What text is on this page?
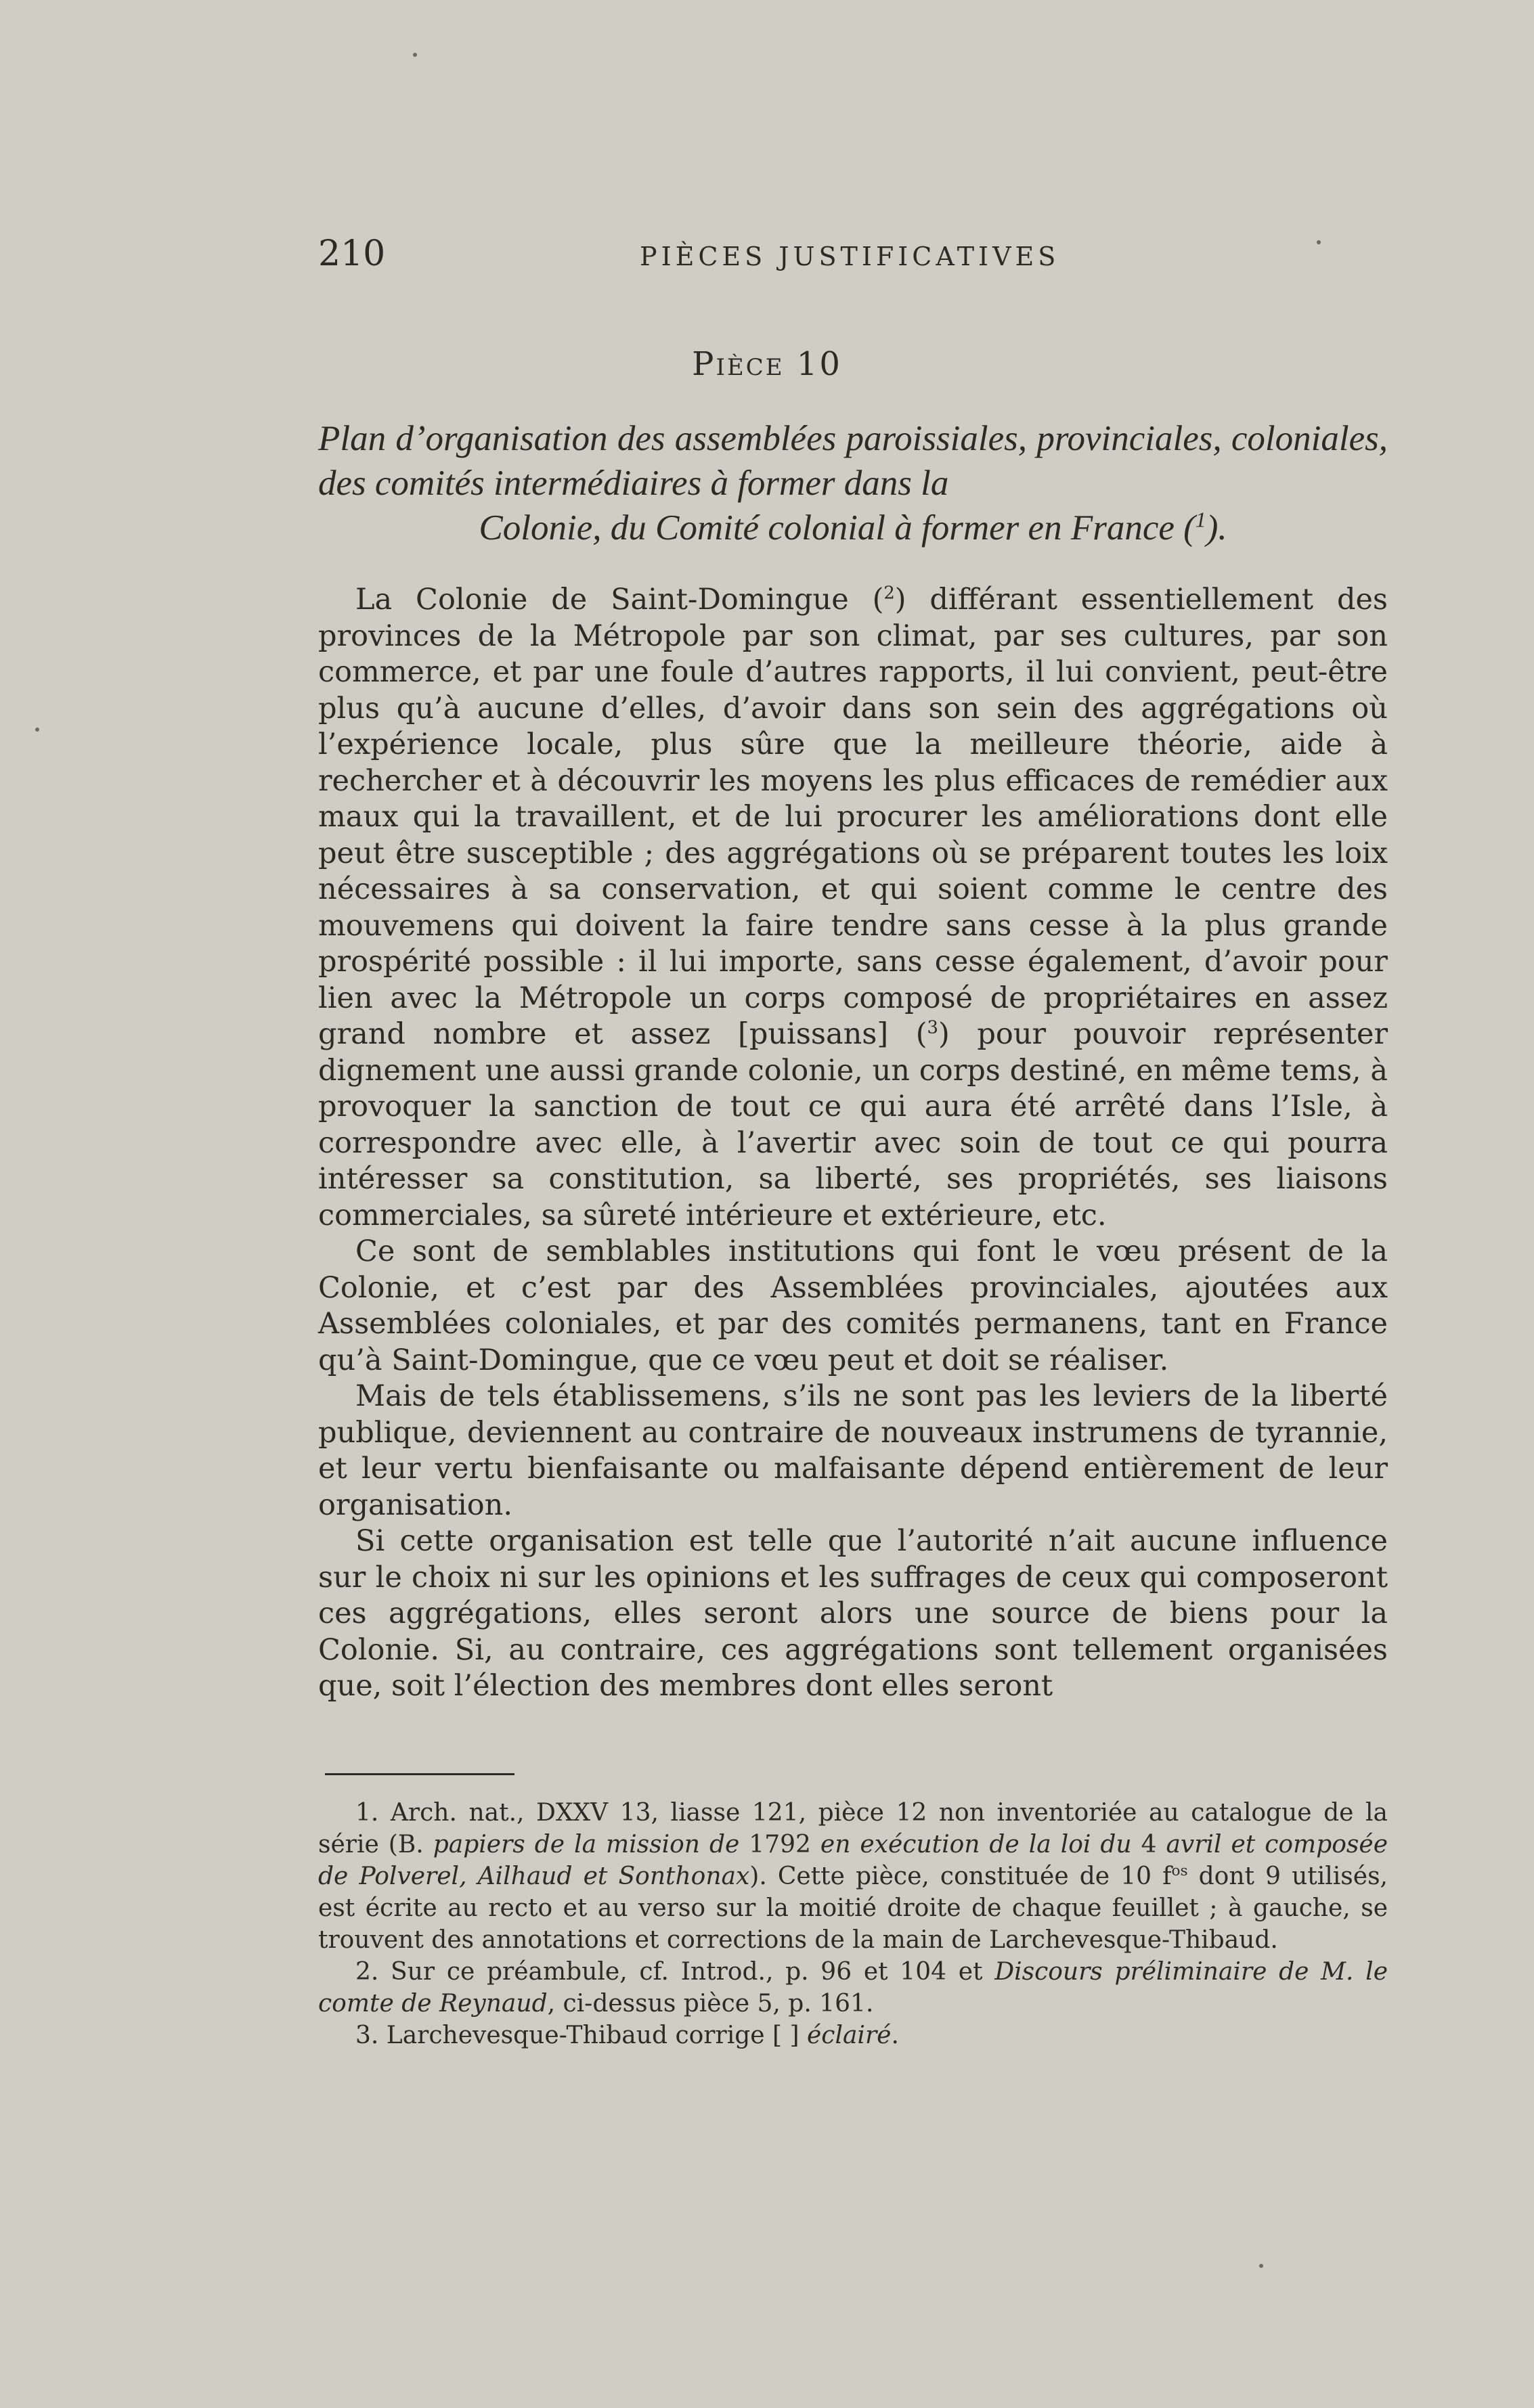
210	PIÈCES JUSTIFICATIVES
Pièce 10
Plan d’organisation des assemblées paroissiales, provinciales, coloniales, des comités intermédiaires à former dans la
Colonie, du Comité colonial à former en France ($^1$).

La Colonie de Saint-Domingue ($^2$) différant essentiellement des provinces de la Métropole par son climat, par ses cultures, par son commerce, et par une foule d’autres rapports, il lui convient, peut-être plus qu’à aucune d’elles, d’avoir dans son sein des aggrégations où l’expérience locale, plus sûre que la meilleure théorie, aide à rechercher et à découvrir les moyens les plus efficaces de remédier aux maux qui la travaillent, et de lui procurer les améliorations dont elle peut être susceptible ; des aggrégations où se préparent toutes les loix nécessaires à sa conservation, et qui soient comme le centre des mouvemens qui doivent la faire tendre sans cesse à la plus grande prospérité possible : il lui importe, sans cesse également, d’avoir pour lien avec la Métropole un corps composé de propriétaires en assez grand nombre et assez [puissans] ($^3$) pour pouvoir représenter dignement une aussi grande colonie, un corps destiné, en même tems, à provoquer la sanction de tout ce qui aura été arrêté dans l’Isle, à correspondre avec elle, à l’avertir avec soin de tout ce qui pourra intéresser sa constitution, sa liberté, ses propriétés, ses liaisons commerciales, sa sûreté intérieure et extérieure, etc.

Ce sont de semblables institutions qui font le vœu présent de la Colonie, et c’est par des Assemblées provinciales, ajoutées aux Assemblées coloniales, et par des comités permanens, tant en France qu’à Saint-Domingue, que ce vœu peut et doit se réaliser.

Mais de tels établissemens, s’ils ne sont pas les leviers de la liberté publique, deviennent au contraire de nouveaux instrumens de tyrannie, et leur vertu bienfaisante ou malfaisante dépend entièrement de leur organisation.

Si cette organisation est telle que l’autorité n’ait aucune influence sur le choix ni sur les opinions et les suffrages de ceux qui composeront ces aggrégations, elles seront alors une source de biens pour la Colonie. Si, au contraire, ces aggrégations sont tellement organisées que, soit l’élection des membres dont elles seront

1. Arch. nat., DXXV 13, liasse 121, pièce 12 non inventoriée au catalogue de la série (B. papiers de la mission de 1792 en exécution de la loi du 4 avril et composée de Polverel, Ailhaud et Sonthonax). Cette pièce, constituée de 10 $f^{os}$ dont 9 utilisés, est écrite au recto et au verso sur la moitié droite de chaque feuillet ; à gauche, se trouvent des annotations et corrections de la main de Larchevesque-Thibaud.

2. Sur ce préambule, cf. Introd., p. 96 et 104 et Discours préliminaire de M. le comte de Reynaud, ci-dessus pièce 5, p. 161.

3. Larchevesque-Thibaud corrige [ ] éclairé.
